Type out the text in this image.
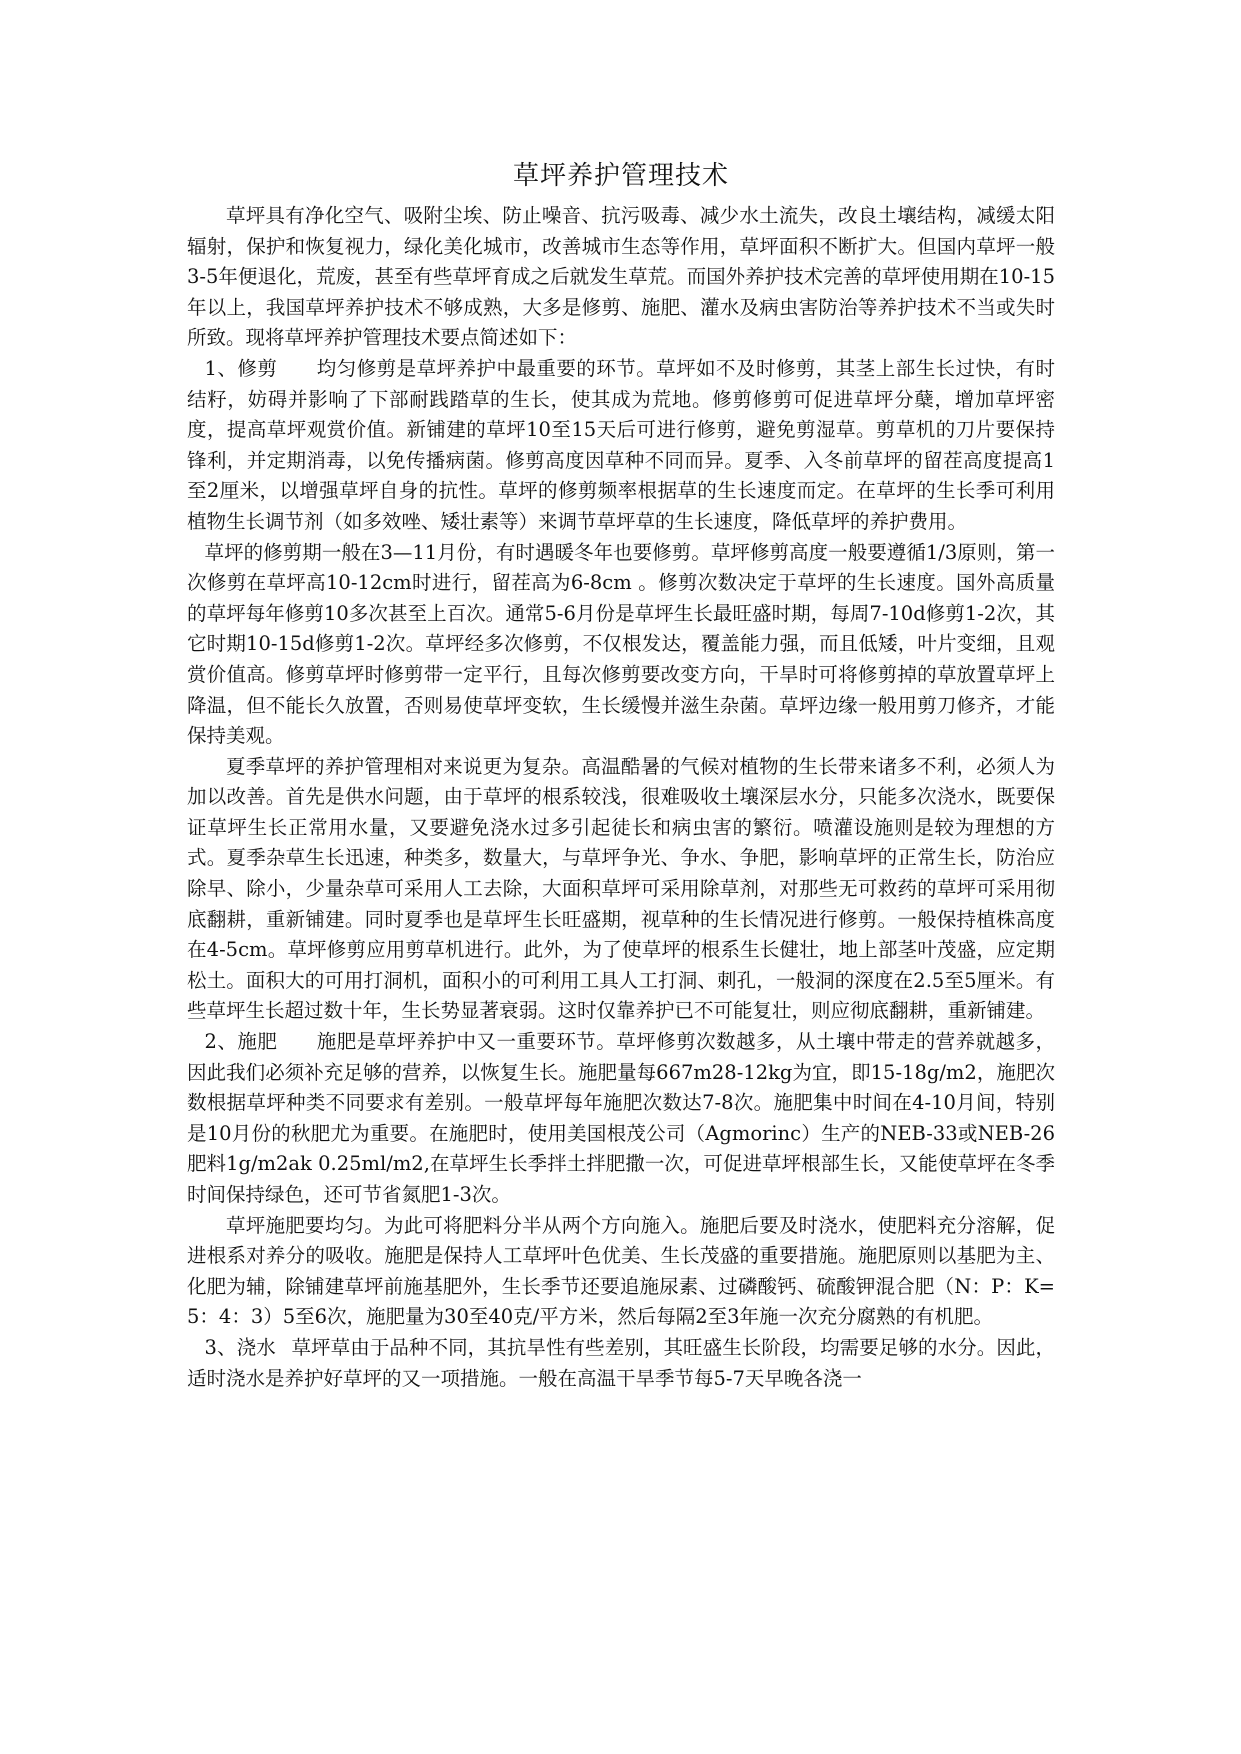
草坪养护管理技术

草坪具有净化空气、吸附尘埃、防止噪音、抗污吸毒、减少水土流失，改良土壤结构，减缓太阳辐射，保护和恢复视力，绿化美化城市，改善城市生态等作用，草坪面积不断扩大。但国内草坪一般3-5年便退化，荒废，甚至有些草坪育成之后就发生草荒。而国外养护技术完善的草坪使用期在10-15年以上，我国草坪养护技术不够成熟，大多是修剪、施肥、灌水及病虫害防治等养护技术不当或失时所致。现将草坪养护管理技术要点简述如下：

1、修剪 均匀修剪是草坪养护中最重要的环节。草坪如不及时修剪，其茎上部生长过快，有时结籽，妨碍并影响了下部耐践踏草的生长，使其成为荒地。修剪修剪可促进草坪分蘖，增加草坪密度，提高草坪观赏价值。新铺建的草坪10至15天后可进行修剪，避免剪湿草。剪草机的刀片要保持锋利，并定期消毒，以免传播病菌。修剪高度因草种不同而异。夏季、入冬前草坪的留茬高度提高1至2厘米，以增强草坪自身的抗性。草坪的修剪频率根据草的生长速度而定。在草坪的生长季可利用植物生长调节剂（如多效唑、矮壮素等）来调节草坪草的生长速度，降低草坪的养护费用。

草坪的修剪期一般在3—11月份，有时遇暖冬年也要修剪。草坪修剪高度一般要遵循1/3原则，第一次修剪在草坪高10-12cm时进行，留茬高为6-8cm 。修剪次数决定于草坪的生长速度。国外高质量的草坪每年修剪10多次甚至上百次。通常5-6月份是草坪生长最旺盛时期，每周7-10d修剪1-2次，其它时期10-15d修剪1-2次。草坪经多次修剪，不仅根发达，覆盖能力强，而且低矮，叶片变细，且观赏价值高。修剪草坪时修剪带一定平行，且每次修剪要改变方向，干旱时可将修剪掉的草放置草坪上降温，但不能长久放置，否则易使草坪变软，生长缓慢并滋生杂菌。草坪边缘一般用剪刀修齐，才能保持美观。

夏季草坪的养护管理相对来说更为复杂。高温酷暑的气候对植物的生长带来诸多不利，必须人为加以改善。首先是供水问题，由于草坪的根系较浅，很难吸收土壤深层水分，只能多次浇水，既要保证草坪生长正常用水量，又要避免浇水过多引起徒长和病虫害的繁衍。喷灌设施则是较为理想的方式。夏季杂草生长迅速，种类多，数量大，与草坪争光、争水、争肥，影响草坪的正常生长，防治应除早、除小，少量杂草可采用人工去除，大面积草坪可采用除草剂，对那些无可救药的草坪可采用彻底翻耕，重新铺建。同时夏季也是草坪生长旺盛期，视草种的生长情况进行修剪。一般保持植株高度在4-5cm。草坪修剪应用剪草机进行。此外，为了使草坪的根系生长健壮，地上部茎叶茂盛，应定期松土。面积大的可用打洞机，面积小的可利用工具人工打洞、刺孔，一般洞的深度在2.5至5厘米。有些草坪生长超过数十年，生长势显著衰弱。这时仅靠养护已不可能复壮，则应彻底翻耕，重新铺建。

2、施肥 施肥是草坪养护中又一重要环节。草坪修剪次数越多，从土壤中带走的营养就越多，因此我们必须补充足够的营养，以恢复生长。施肥量每667m28-12kg为宜，即15-18g/m2，施肥次数根据草坪种类不同要求有差别。一般草坪每年施肥次数达7-8次。施肥集中时间在4-10月间，特别是10月份的秋肥尤为重要。在施肥时，使用美国根茂公司（Agmorinc）生产的NEB-33或NEB-26肥料1g/m2ak 0.25ml/m2,在草坪生长季拌土拌肥撒一次，可促进草坪根部生长，又能使草坪在冬季时间保持绿色，还可节省氮肥1-3次。

草坪施肥要均匀。为此可将肥料分半从两个方向施入。施肥后要及时浇水，使肥料充分溶解，促进根系对养分的吸收。施肥是保持人工草坪叶色优美、生长茂盛的重要措施。施肥原则以基肥为主、化肥为辅，除铺建草坪前施基肥外，生长季节还要追施尿素、过磷酸钙、硫酸钾混合肥（N：P：K=5：4：3）5至6次，施肥量为30至40克/平方米，然后每隔2至3年施一次充分腐熟的有机肥。

3、浇水 草坪草由于品种不同，其抗旱性有些差别，其旺盛生长阶段，均需要足够的水分。因此，适时浇水是养护好草坪的又一项措施。一般在高温干旱季节每5-7天早晚各浇一
